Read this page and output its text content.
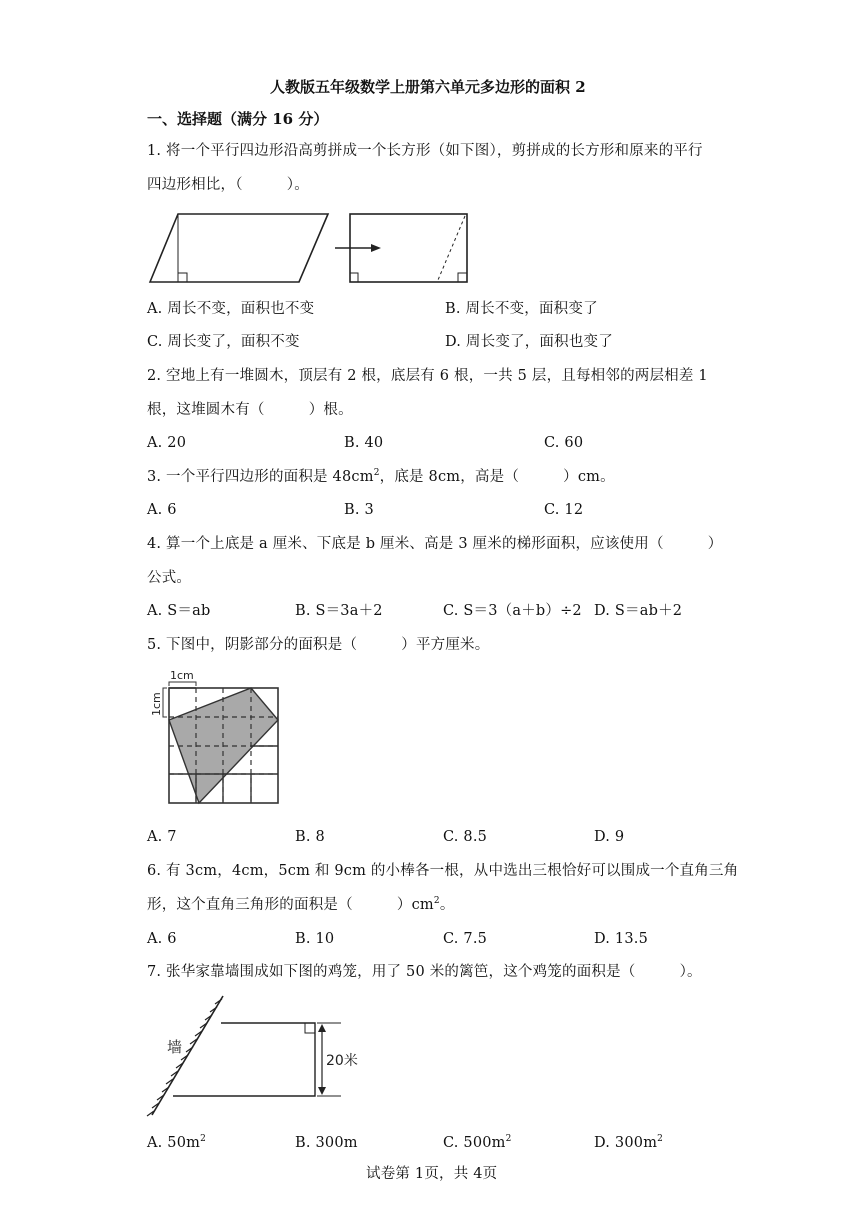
人教版五年级数学上册第六单元多边形的面积 2
一、选择题（满分 16 分）
1. 将一个平行四边形沿高剪拼成一个长方形（如下图），剪拼成的长方形和原来的平行
四边形相比，（　　　）。
A. 周长不变，面积也不变	B. 周长不变，面积变了
C. 周长变了，面积不变	D. 周长变了，面积也变了
2. 空地上有一堆圆木，顶层有 2 根，底层有 6 根，一共 5 层，且每相邻的两层相差 1
根，这堆圆木有（　　　）根。
A. 20	B. 40	C. 60
3. 一个平行四边形的面积是 $48cm^2$，底是 8cm，高是（　　　）cm。
A. 6	B. 3	C. 12
4. 算一个上底是 a 厘米、下底是 b 厘米、高是 3 厘米的梯形面积，应该使用（　　　）
公式。
A. S＝ab	B. S＝3a＋2	C. S＝3（a＋b）÷2 D. S＝ab＋2
5. 下图中，阴影部分的面积是（　　　）平方厘米。
1cm
1cm
A. 7	B. 8	C. 8.5	D. 9
6. 有 3cm，4cm，5cm 和 9cm 的小棒各一根，从中选出三根恰好可以围成一个直角三角
形，这个直角三角形的面积是（　　　）$cm^2$。
A. 6	B. 10	C. 7.5	D. 13.5
7. 张华家靠墙围成如下图的鸡笼，用了 50 米的篱笆，这个鸡笼的面积是（　　　）。
墙
20米
A. $50m^2$	B. 300m	C. $500m^2$	D. $300m^2$
试卷第 1页，共 4页
